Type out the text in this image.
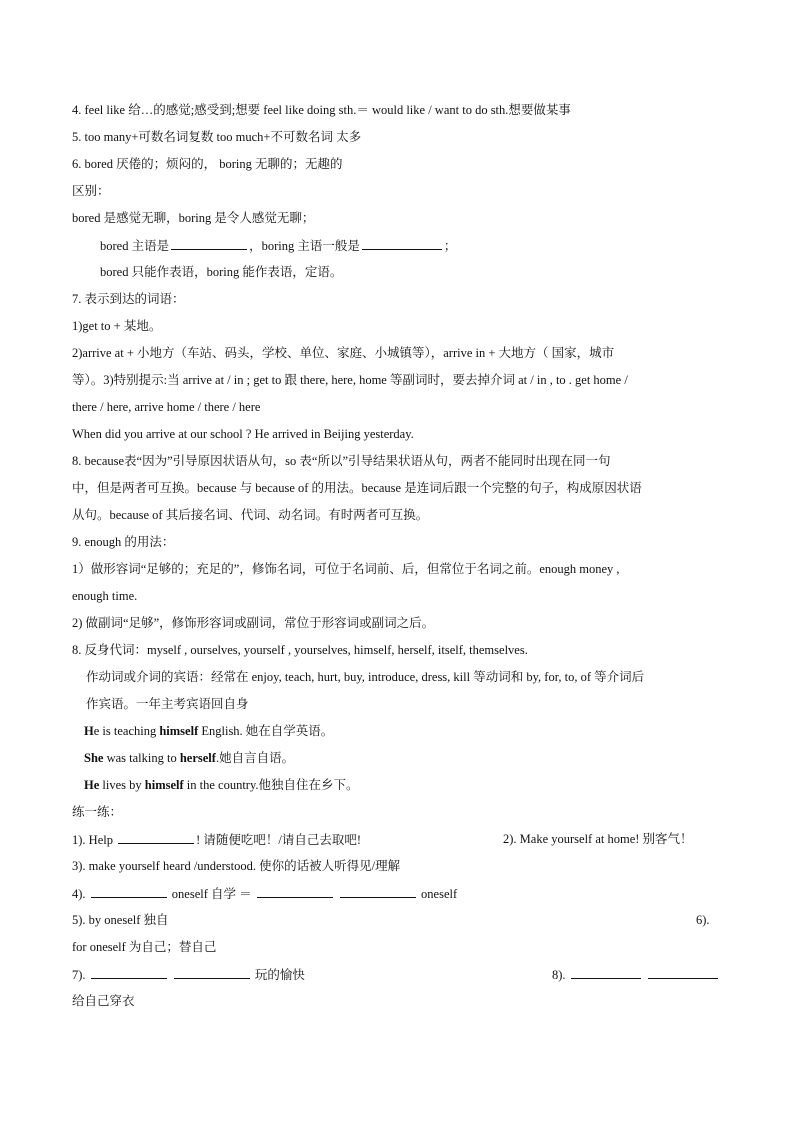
4. feel like 给…的感觉;感受到;想要 feel like doing sth.＝ would like / want to do sth.想要做某事
5. too many+可数名词复数 too much+不可数名词 太多
6. bored 厌倦的；烦闷的， boring 无聊的；无趣的
区别：
bored 是感觉无聊，boring 是令人感觉无聊；
bored 主语是	，boring 主语一般是	；
bored 只能作表语，boring 能作表语，定语。
7. 表示到达的词语：
1)get to + 某地。
2)arrive at + 小地方（车站、码头，学校、单位、家庭、小城镇等），arrive in + 大地方（ 国家，城市
等）。3)特别提示:当 arrive at / in ; get to 跟 there, here, home 等副词时，要去掉介词 at / in , to . get home /
there / here, arrive home / there / here
When did you arrive at our school ? He arrived in Beijing yesterday.
8. because表“因为”引导原因状语从句，so 表“所以”引导结果状语从句，两者不能同时出现在同一句
中，但是两者可互换。because 与 because of 的用法。because 是连词后跟一个完整的句子，构成原因状语
从句。because of 其后接名词、代词、动名词。有时两者可互换。
9. enough 的用法：
1）做形容词“足够的；充足的”，修饰名词，可位于名词前、后，但常位于名词之前。enough money ,
enough time.
2) 做副词“足够”，修饰形容词或副词，常位于形容词或副词之后。
8. 反身代词：myself , ourselves, yourself , yourselves, himself, herself, itself, themselves.
作动词或介词的宾语：经常在 enjoy, teach, hurt, buy, introduce, dress, kill 等动词和 by, for, to, of 等介词后
作宾语。一年主考宾语回自身
He is teaching himself English. 她在自学英语。
She was talking to herself.她自言自语。
He lives by himself in the country.他独自住在乡下。
练一练：
1). Help	! 请随便吃吧！/请自己去取吧!	2). Make yourself at home! 别客气！
3). make yourself heard /understood. 使你的话被人听得见/理解
4).	oneself 自学 ＝	oneself
5). by oneself 独自	6).
for oneself 为自己；替自己
7).	玩的愉快	8).
给自己穿衣
